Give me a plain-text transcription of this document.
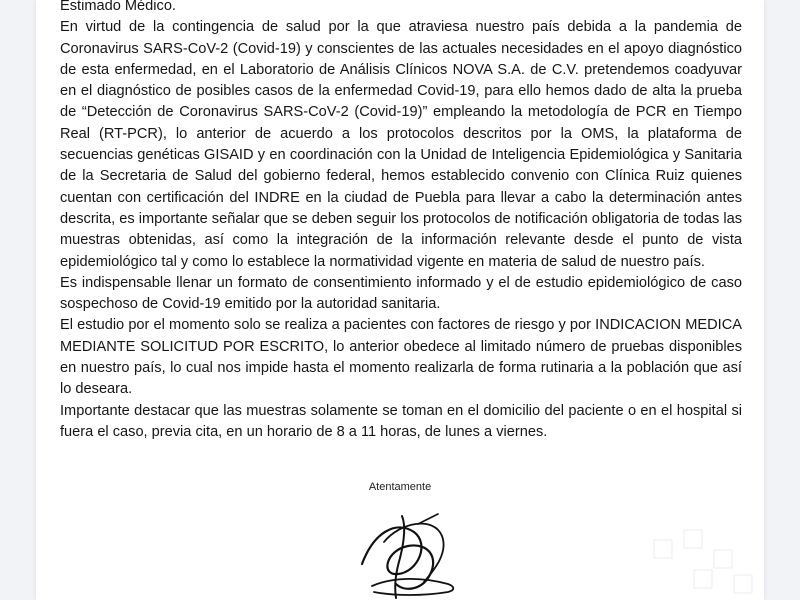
Estimado Médico.

En virtud de la contingencia de salud por la que atraviesa nuestro país debida a la pandemia de Coronavirus SARS-CoV-2 (Covid-19) y conscientes de las actuales necesidades en el apoyo diagnóstico de esta enfermedad, en el Laboratorio de Análisis Clínicos NOVA S.A. de C.V. pretendemos coadyuvar en el diagnóstico de posibles casos de la enfermedad Covid-19, para ello hemos dado de alta la prueba de “Detección de Coronavirus SARS-CoV-2 (Covid-19)” empleando la metodología de PCR en Tiempo Real (RT-PCR), lo anterior de acuerdo a los protocolos descritos por la OMS, la plataforma de secuencias genéticas GISAID y en coordinación con la Unidad de Inteligencia Epidemiológica y Sanitaria de la Secretaria de Salud del gobierno federal, hemos establecido convenio con Clínica Ruiz quienes cuentan con certificación del INDRE en la ciudad de Puebla para llevar a cabo la determinación antes descrita, es importante señalar que se deben seguir los protocolos de notificación obligatoria de todas las muestras obtenidas, así como la integración de la información relevante desde el punto de vista epidemiológico tal y como lo establece la normatividad vigente en materia de salud de nuestro país.

Es indispensable llenar un formato de consentimiento informado y el de estudio epidemiológico de caso sospechoso de Covid-19 emitido por la autoridad sanitaria.

El estudio por el momento solo se realiza a pacientes con factores de riesgo y por INDICACION MEDICA MEDIANTE SOLICITUD POR ESCRITO, lo anterior obedece al limitado número de pruebas disponibles en nuestro país, lo cual nos impide hasta el momento realizarla de forma rutinaria a la población que así lo deseara.

Importante destacar que las muestras solamente se toman en el domicilio del paciente o en el hospital si fuera el caso, previa cita, en un horario de 8 a 11 horas, de lunes a viernes.

Atentamente
